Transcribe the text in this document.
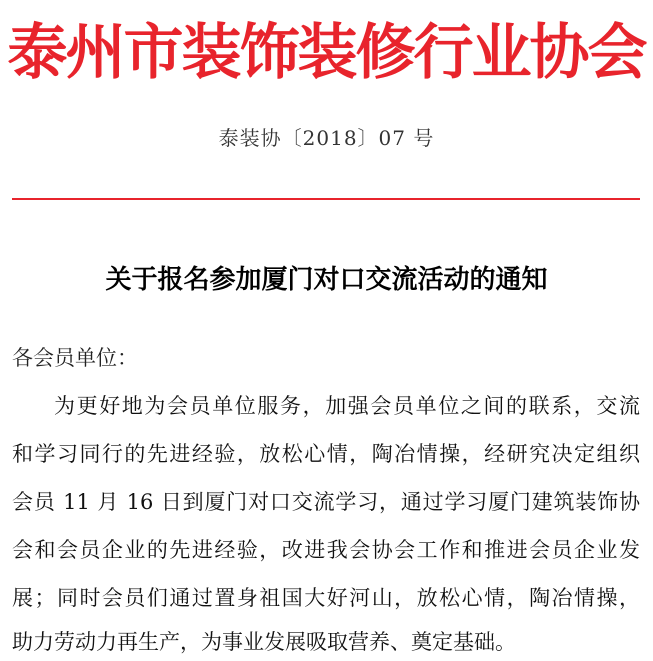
泰州市装饰装修行业协会
泰装协〔2018〕07 号
关于报名参加厦门对口交流活动的通知
各会员单位：
为更好地为会员单位服务，加强会员单位之间的联系，交流
和学习同行的先进经验，放松心情，陶冶情操，经研究决定组织
会员 11 月 16 日到厦门对口交流学习，通过学习厦门建筑装饰协
会和会员企业的先进经验，改进我会协会工作和推进会员企业发
展；同时会员们通过置身祖国大好河山，放松心情，陶冶情操，
助力劳动力再生产，为事业发展吸取营养、奠定基础。
